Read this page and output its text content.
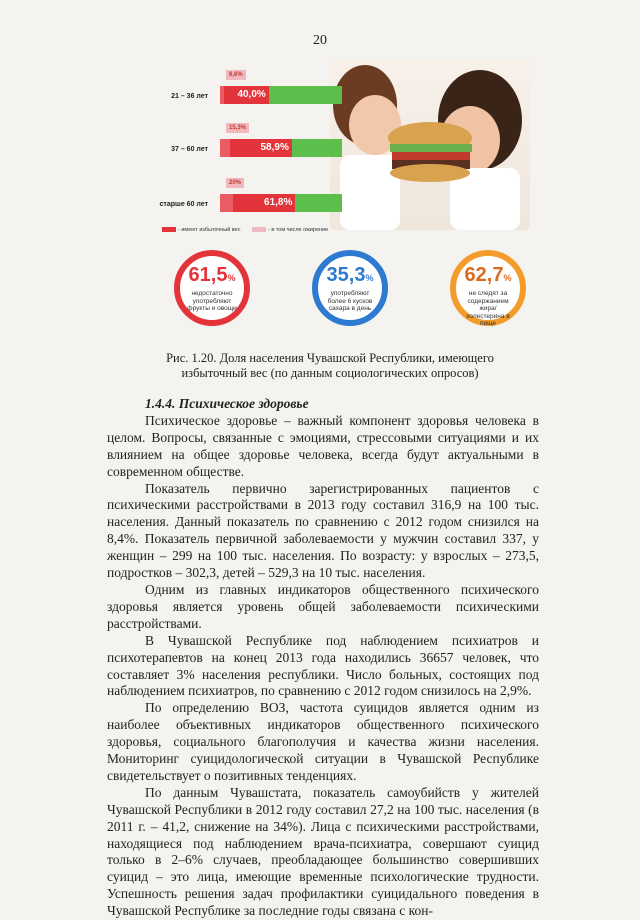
20
6,6%
21 – 36 лет	40,0%
15,3%
37 – 60 лет	58,9%
20%
старше 60 лет	61,8%
- имеют избыточный вес	- в том числе ожирение
61,5%
недостаточно употребляют фрукты и овощи
35,3%
употребляют более 6 кусков сахара в день
62,7%
не следят за содержанием жира/холестерина в пище
Рис. 1.20. Доля населения Чувашской Республики, имеющего
избыточный вес (по данным социологических опросов)
1.4.4. Психическое здоровье

Психическое здоровье – важный компонент здоровья человека в целом. Вопросы, связанные с эмоциями, стрессовыми ситуациями и их влиянием на общее здоровье человека, всегда будут актуальными в современном обществе.

Показатель первично зарегистрированных пациентов с психическими расстройствами в 2013 году составил 316,9 на 100 тыс. населения. Данный показатель по сравнению с 2012 годом снизился на 8,4%. Показатель первичной заболеваемости у мужчин составил 337, у женщин – 299 на 100 тыс. населения. По возрасту: у взрослых – 273,5, подростков – 302,3, детей – 529,3 на 10 тыс. населения.

Одним из главных индикаторов общественного психического здоровья является уровень общей заболеваемости психическими расстройствами.

В Чувашской Республике под наблюдением психиатров и психотерапевтов на конец 2013 года находились 36657 человек, что составляет 3% населения республики. Число больных, состоящих под наблюдением психиатров, по сравнению с 2012 годом снизилось на 2,9%.

По определению ВОЗ, частота суицидов является одним из наиболее объективных индикаторов общественного психического здоровья, социального благополучия и качества жизни населения. Мониторинг суицидологической ситуации в Чувашской Республике свидетельствует о позитивных тенденциях.

По данным Чувашстата, показатель самоубийств у жителей Чувашской Республики в 2012 году составил 27,2 на 100 тыс. населения (в 2011 г. – 41,2, снижение на 34%). Лица с психическими расстройствами, находящиеся под наблюдением врача-психиатра, совершают суицид только в 2–6% случаев, преобладающее большинство совершивших суицид – это лица, имеющие временные психологические трудности. Успешность решения задач профилактики суицидального поведения в Чувашской Республике за последние годы связана с кон-
